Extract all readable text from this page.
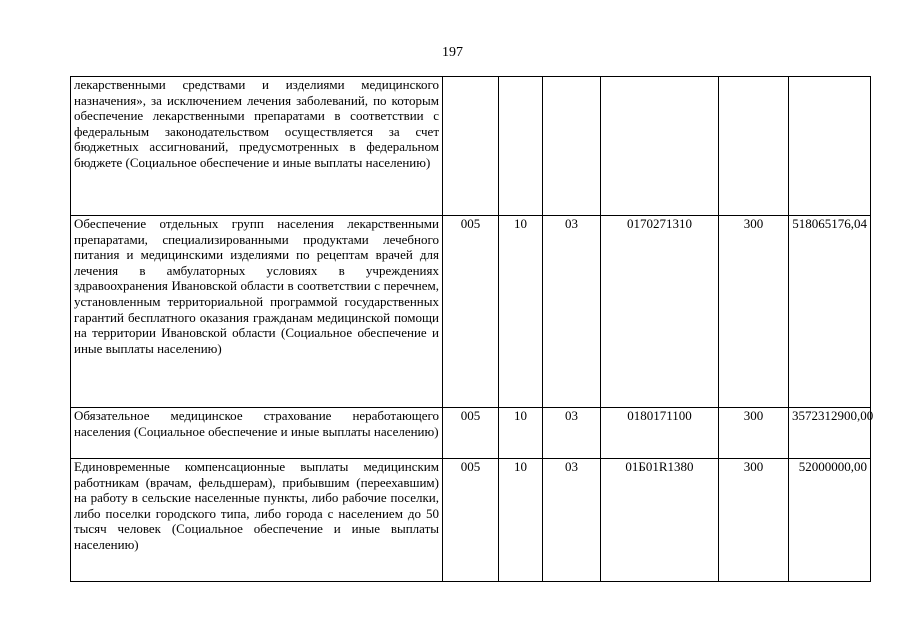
197
лекарственными средствами и изделиями медицинского назначения», за исключением лечения заболеваний, по которым обеспечение лекарственными препаратами в соответствии с федеральным законодательством осуществляется за счет бюджетных ассигнований, предусмотренных в федеральном бюджете (Социальное обеспечение и иные выплаты населению)						

Обеспечение отдельных групп населения лекарственными препаратами, специализированными продуктами лечебного питания и медицинскими изделиями по рецептам врачей для лечения в амбулаторных условиях в учреждениях здравоохранения Ивановской области в соответствии с перечнем, установленным территориальной программой государственных гарантий бесплатного оказания гражданам медицинской помощи на территории Ивановской области (Социальное обеспечение и иные выплаты населению)	005	10	03	0170271310	300	518065176,04

Обязательное медицинское страхование неработающего населения (Социальное обеспечение и иные выплаты населению)	005	10	03	0180171100	300	3572312900,00

Единовременные компенсационные выплаты медицинским работникам (врачам, фельдшерам), прибывшим (переехавшим) на работу в сельские населенные пункты, либо рабочие поселки, либо поселки городского типа, либо города с населением до 50 тысяч человек (Социальное обеспечение и иные выплаты населению)	005	10	03	01Б01R1380	300	52000000,00
